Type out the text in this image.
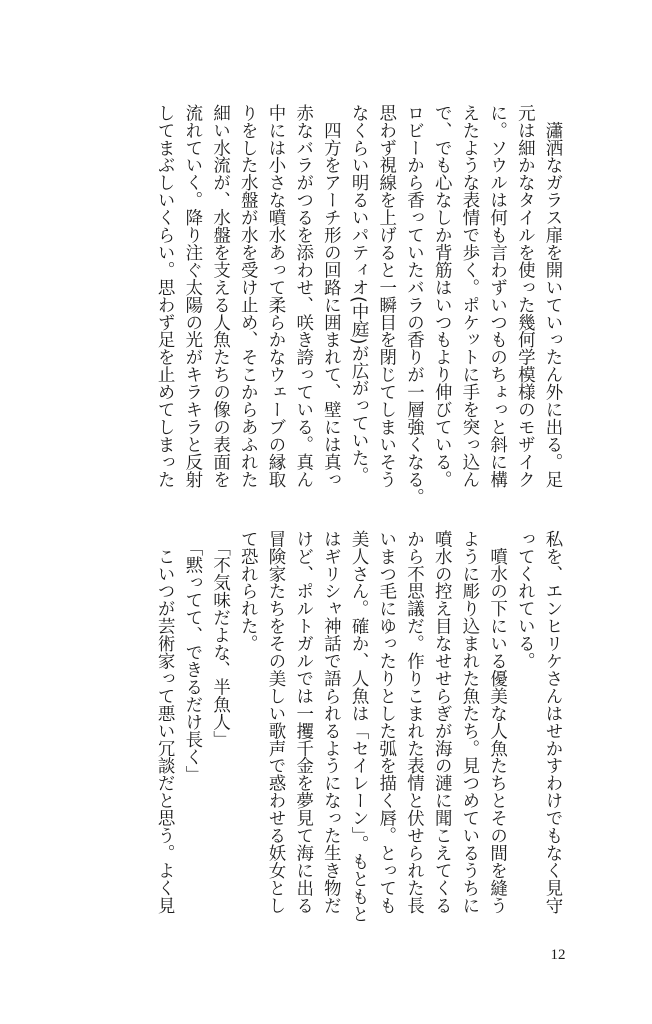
　瀟洒なガラス扉を開いていったん外に出る。足
元は細かなタイルを使った幾何学模様のモザイク
に。ソウルは何も言わずいつものちょっと斜に構
えたような表情で歩く。ポケットに手を突っ込ん
で、でも心なしか背筋はいつもより伸びている。
ロビーから香っていたバラの香りが一層強くなる。
思わず視線を上げると一瞬目を閉じてしまいそう
なくらい明るいパティオ(中庭)が広がっていた。
　四方をアーチ形の回路に囲まれて、壁には真っ
赤なバラがつるを添わせ、咲き誇っている。真ん
中には小さな噴水あって柔らかなウェーブの縁取
りをした水盤が水を受け止め、そこからあふれた
細い水流が、水盤を支える人魚たちの像の表面を
流れていく。降り注ぐ太陽の光がキラキラと反射
してまぶしいくらい。思わず足を止めてしまった
私を、エンヒリケさんはせかすわけでもなく見守
ってくれている。
　噴水の下にいる優美な人魚たちとその間を縫う
ように彫り込まれた魚たち。見つめているうちに
噴水の控え目なせせらぎが海の漣に聞こえてくる
から不思議だ。作りこまれた表情と伏せられた長
いまつ毛にゆったりとした弧を描く唇。とっても
美人さん。確か、人魚は「セイレーン」。もともと
はギリシャ神話で語られるようになった生き物だ
けど、ポルトガルでは一攫千金を夢見て海に出る
冒険家たちをその美しい歌声で惑わせる妖女とし
て恐れられた。
　「不気味だよな、半魚人」
　「黙ってて、できるだけ長く」
　こいつが芸術家って悪い冗談だと思う。よく見
12
